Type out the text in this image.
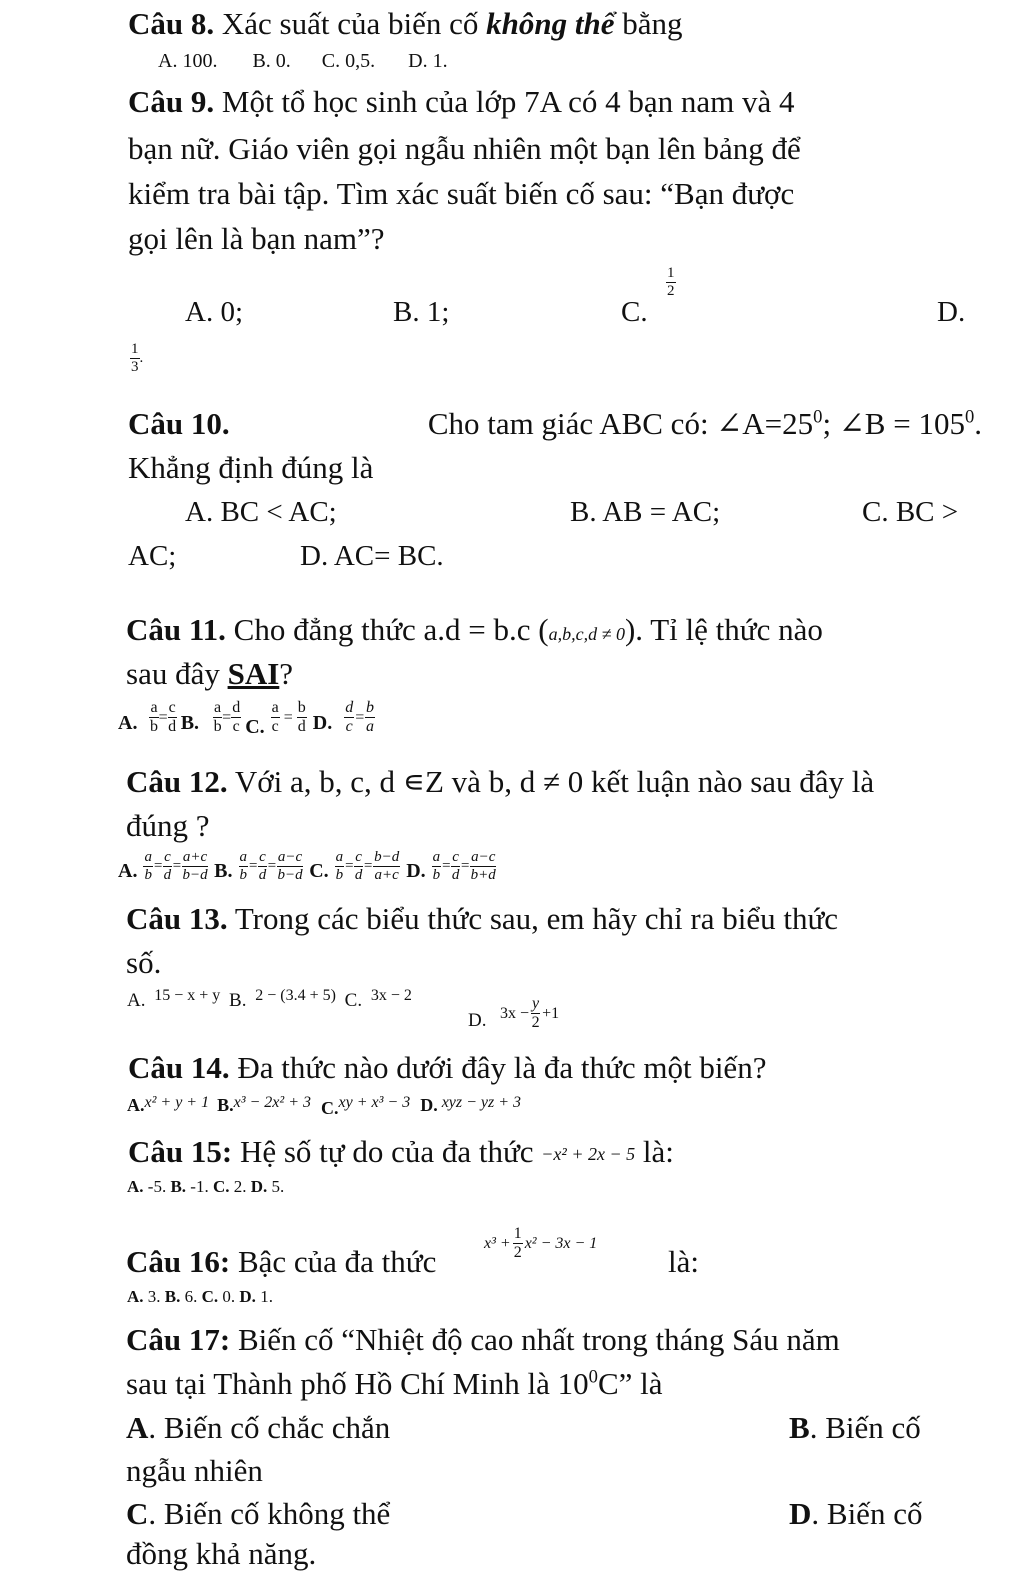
Câu 8. Xác suất của biến cố không thể bằng
A. 100. B. 0. C. 0,5. D. 1.
Câu 9. Một tổ học sinh của lớp 7A có 4 bạn nam và 4
bạn nữ. Giáo viên gọi ngẫu nhiên một bạn lên bảng để
kiểm tra bài tập. Tìm xác suất biến cố sau: “Bạn được
gọi lên là bạn nam”?
A. 0;	B. 1;	C.
$\frac{1}{2}$
D.
$\frac{1}{3}$ .
Câu 10.	Cho tam giác ABC có: $\angle A=25^0$; ∠B = $105^0$.
Khẳng định đúng là
A. BC < AC;	B. AB = AC;	C. BC >
AC;	D. AC= BC.
Câu 11. Cho đẳng thức a.d = b.c (a,b,c,d ≠ 0). Tỉ lệ thức nào
sau đây SAI?
A. $\frac{a}{b} = \frac{c}{d} B$. $\frac{a}{b} = \frac{d}{c} C$. $\frac{a}{c} = \frac{b}{d} D$. $\frac{d}{c} = \frac{b}{a}$
Câu 12. Với a, b, c, d ∊Z và b, d ≠ 0 kết luận nào sau đây là
đúng ?
A. $\frac{a}{b} = \frac{c}{d} = \frac{a+c}{b-d} B$. $\frac{a}{b} = \frac{c}{d} = \frac{a-c}{b-d} C$. $\frac{a}{b} = \frac{c}{d} = \frac{b-d}{a+c} D$. $\frac{a}{b} = \frac{c}{d} = \frac{a-c}{b+d}$
Câu 13. Trong các biểu thức sau, em hãy chỉ ra biểu thức
số.
A. $^{15 - x + y}$ B. $^{2 - (3.4 + 5)}$ C. $^{3x - 2}$
D. $3x - \frac{y}{2} +1$
Câu 14. Đa thức nào dưới đây là đa thức một biến?
A.x² + y + 1 B.x³ − 2x² + 3 C.xy + x³ − 3 D. xyz − yz + 3
Câu 15: Hệ số tự do của đa thức −x² + 2x − 5 là:
A. -5. B. -1. C. 2. D. 5.
Câu 16: Bậc của đa thức
$x^3 + \frac{1}{2} x^2 - 3x - 1$
là:
A. 3. B. 6. C. 0. D. 1.
Câu 17: Biến cố “Nhiệt độ cao nhất trong tháng Sáu năm
sau tại Thành phố Hồ Chí Minh là $10^0C$” là
A. Biến cố chắc chắn	B. Biến cố
ngẫu nhiên
C. Biến cố không thể	D. Biến cố
đồng khả năng.
